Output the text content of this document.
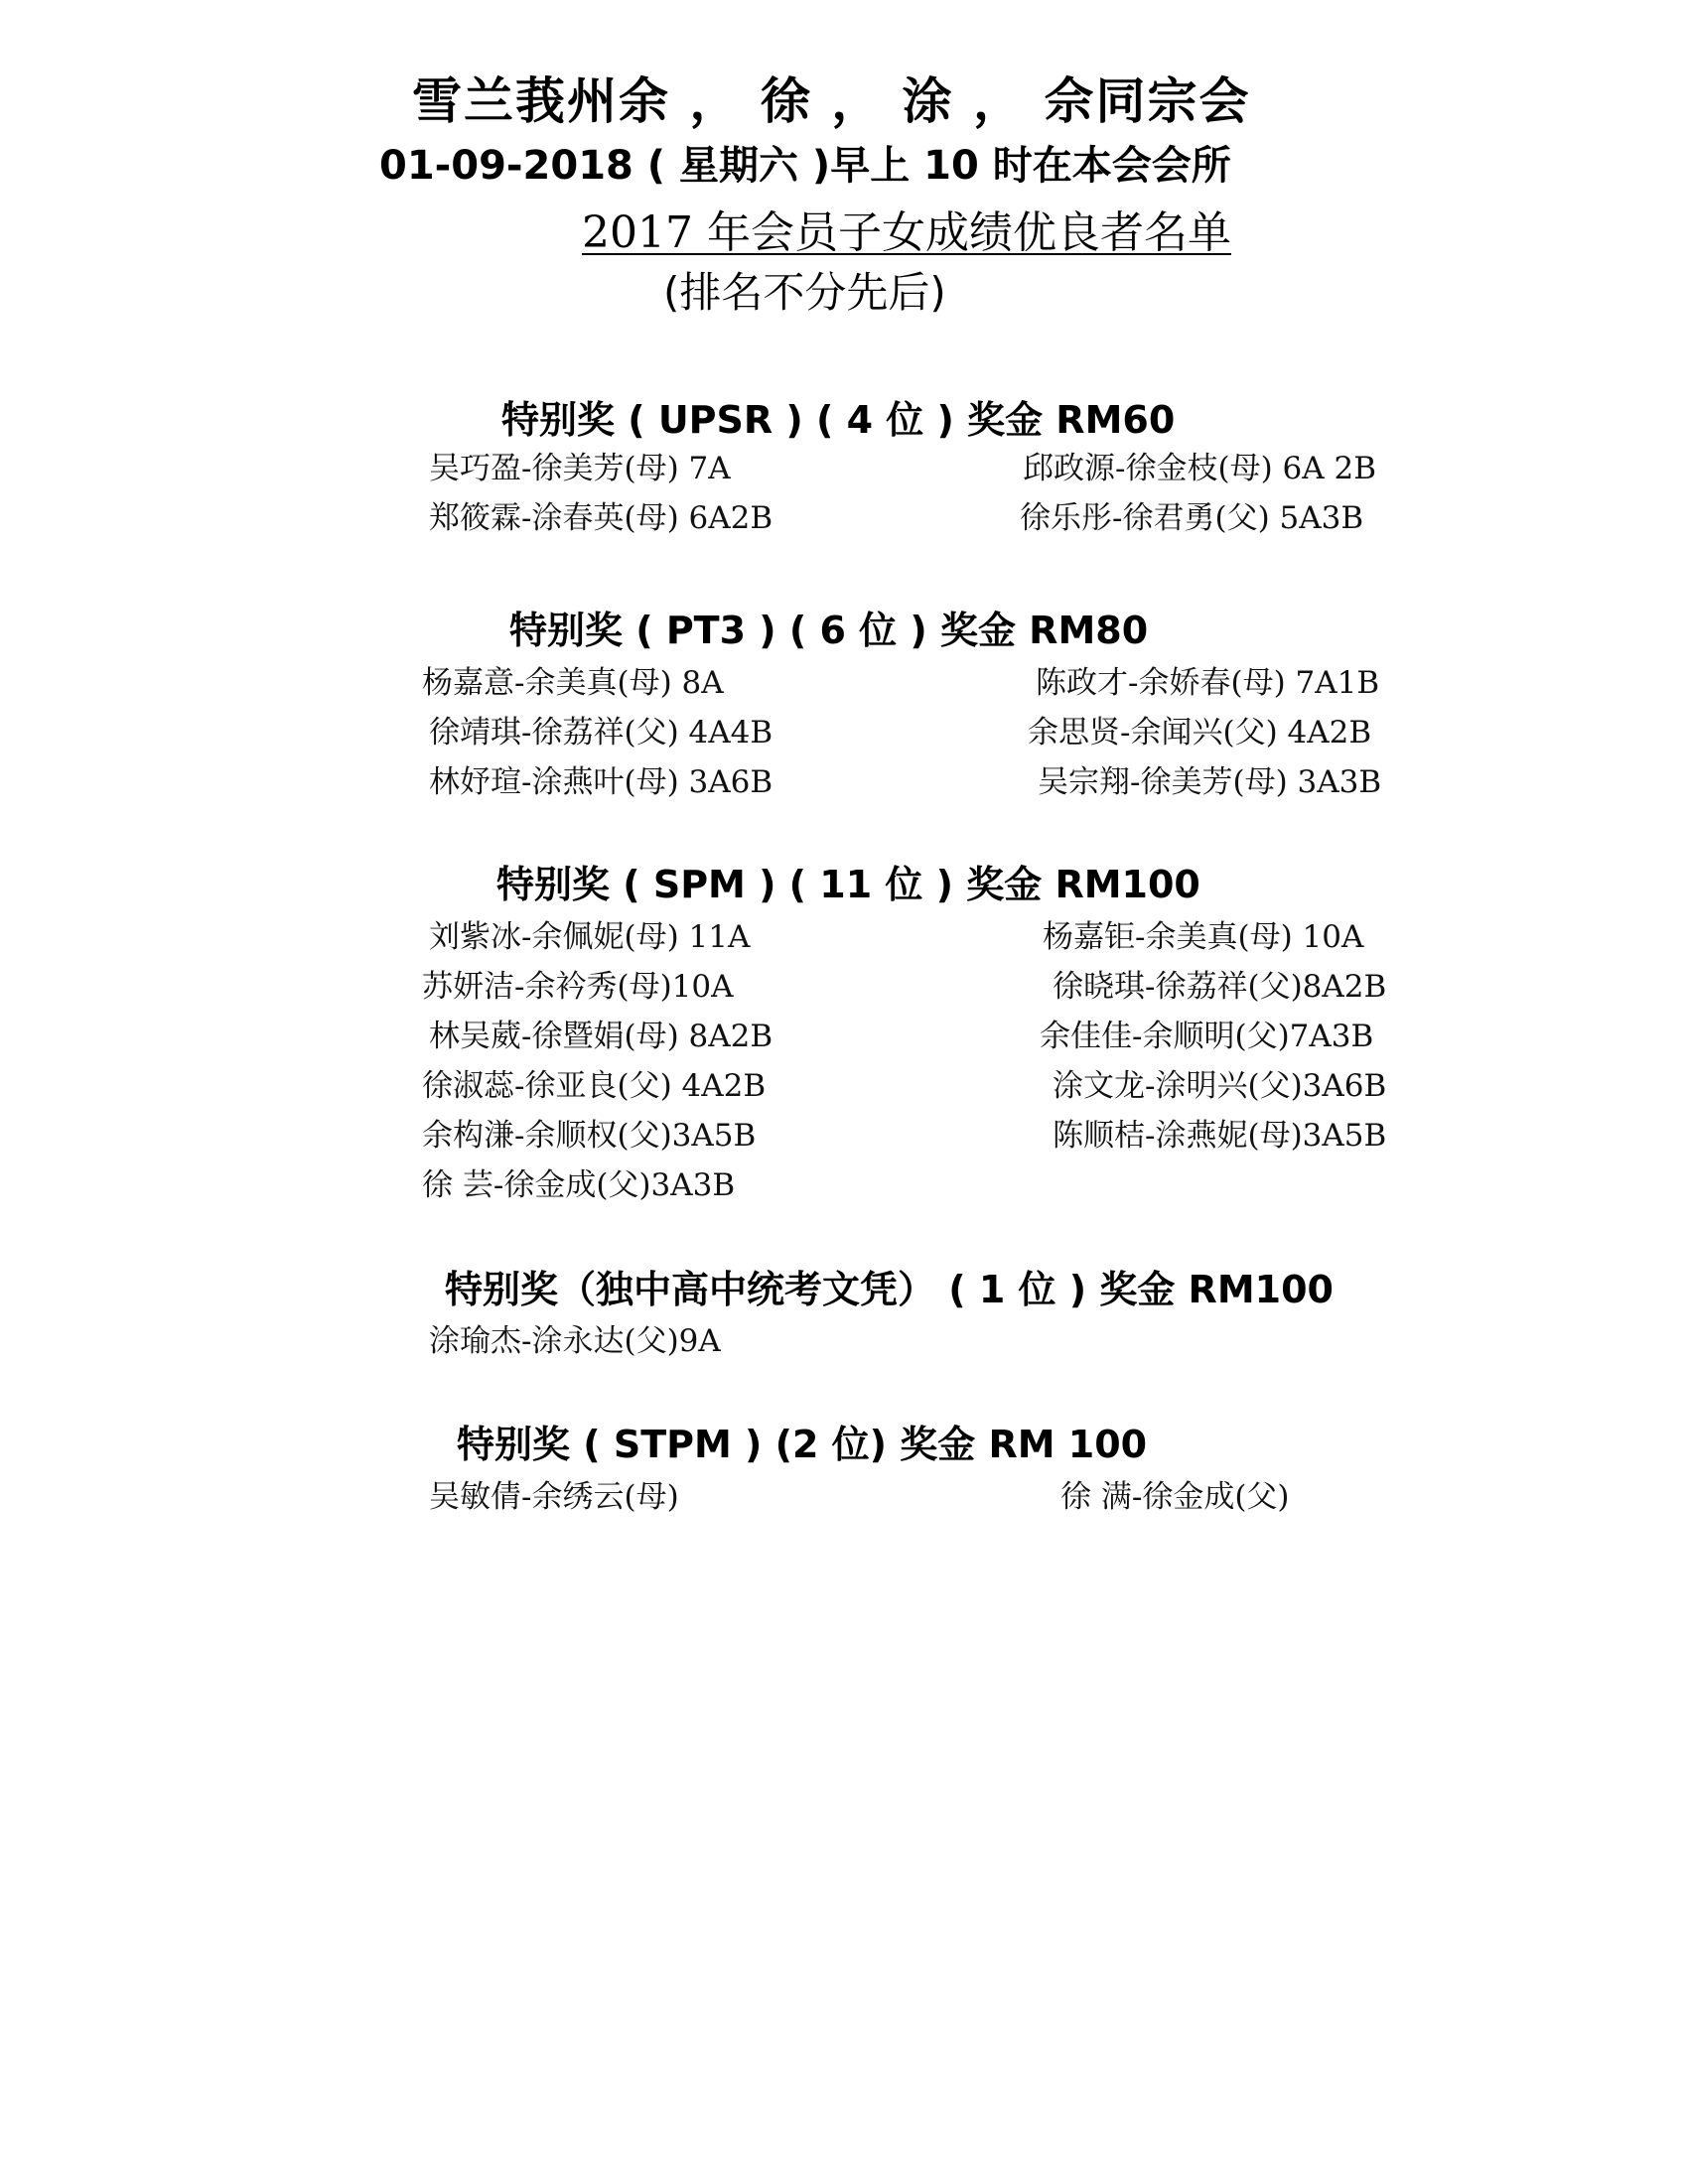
雪兰莪州余 ， 徐 ， 涂 ， 佘同宗会
01-09-2018 ( 星期六 )早上 10 时在本会会所
2017 年会员子女成绩优良者名单
(排名不分先后)
特别奖 ( UPSR ) ( 4 位 ) 奖金 RM60
吴巧盈-徐美芳(母) 7A	邱政源-徐金枝(母) 6A 2B
郑筱霖-涂春英(母) 6A2B	徐乐彤-徐君勇(父) 5A3B
特别奖 ( PT3 ) ( 6 位 ) 奖金 RM80
杨嘉意-余美真(母) 8A	陈政才-余娇春(母) 7A1B
徐靖琪-徐荔祥(父) 4A4B	余思贤-余闻兴(父) 4A2B
林妤瑄-涂燕叶(母) 3A6B	吴宗翔-徐美芳(母) 3A3B
特别奖 ( SPM ) ( 11 位 ) 奖金 RM100
刘紫冰-余佩妮(母) 11A	杨嘉钜-余美真(母) 10A
苏妍洁-余衿秀(母)10A	徐晓琪-徐荔祥(父)8A2B
林吴葳-徐暨娟(母) 8A2B	余佳佳-余顺明(父)7A3B
徐淑蕊-徐亚良(父) 4A2B	涂文龙-涂明兴(父)3A6B
余构溓-余顺权(父)3A5B	陈顺桔-涂燕妮(母)3A5B
徐 芸-徐金成(父)3A3B
特别奖（独中高中统考文凭） ( 1 位 ) 奖金 RM100
涂瑜杰-涂永达(父)9A
特别奖 ( STPM ) (2 位) 奖金 RM 100
吴敏倩-余绣云(母)	徐 满-徐金成(父)
